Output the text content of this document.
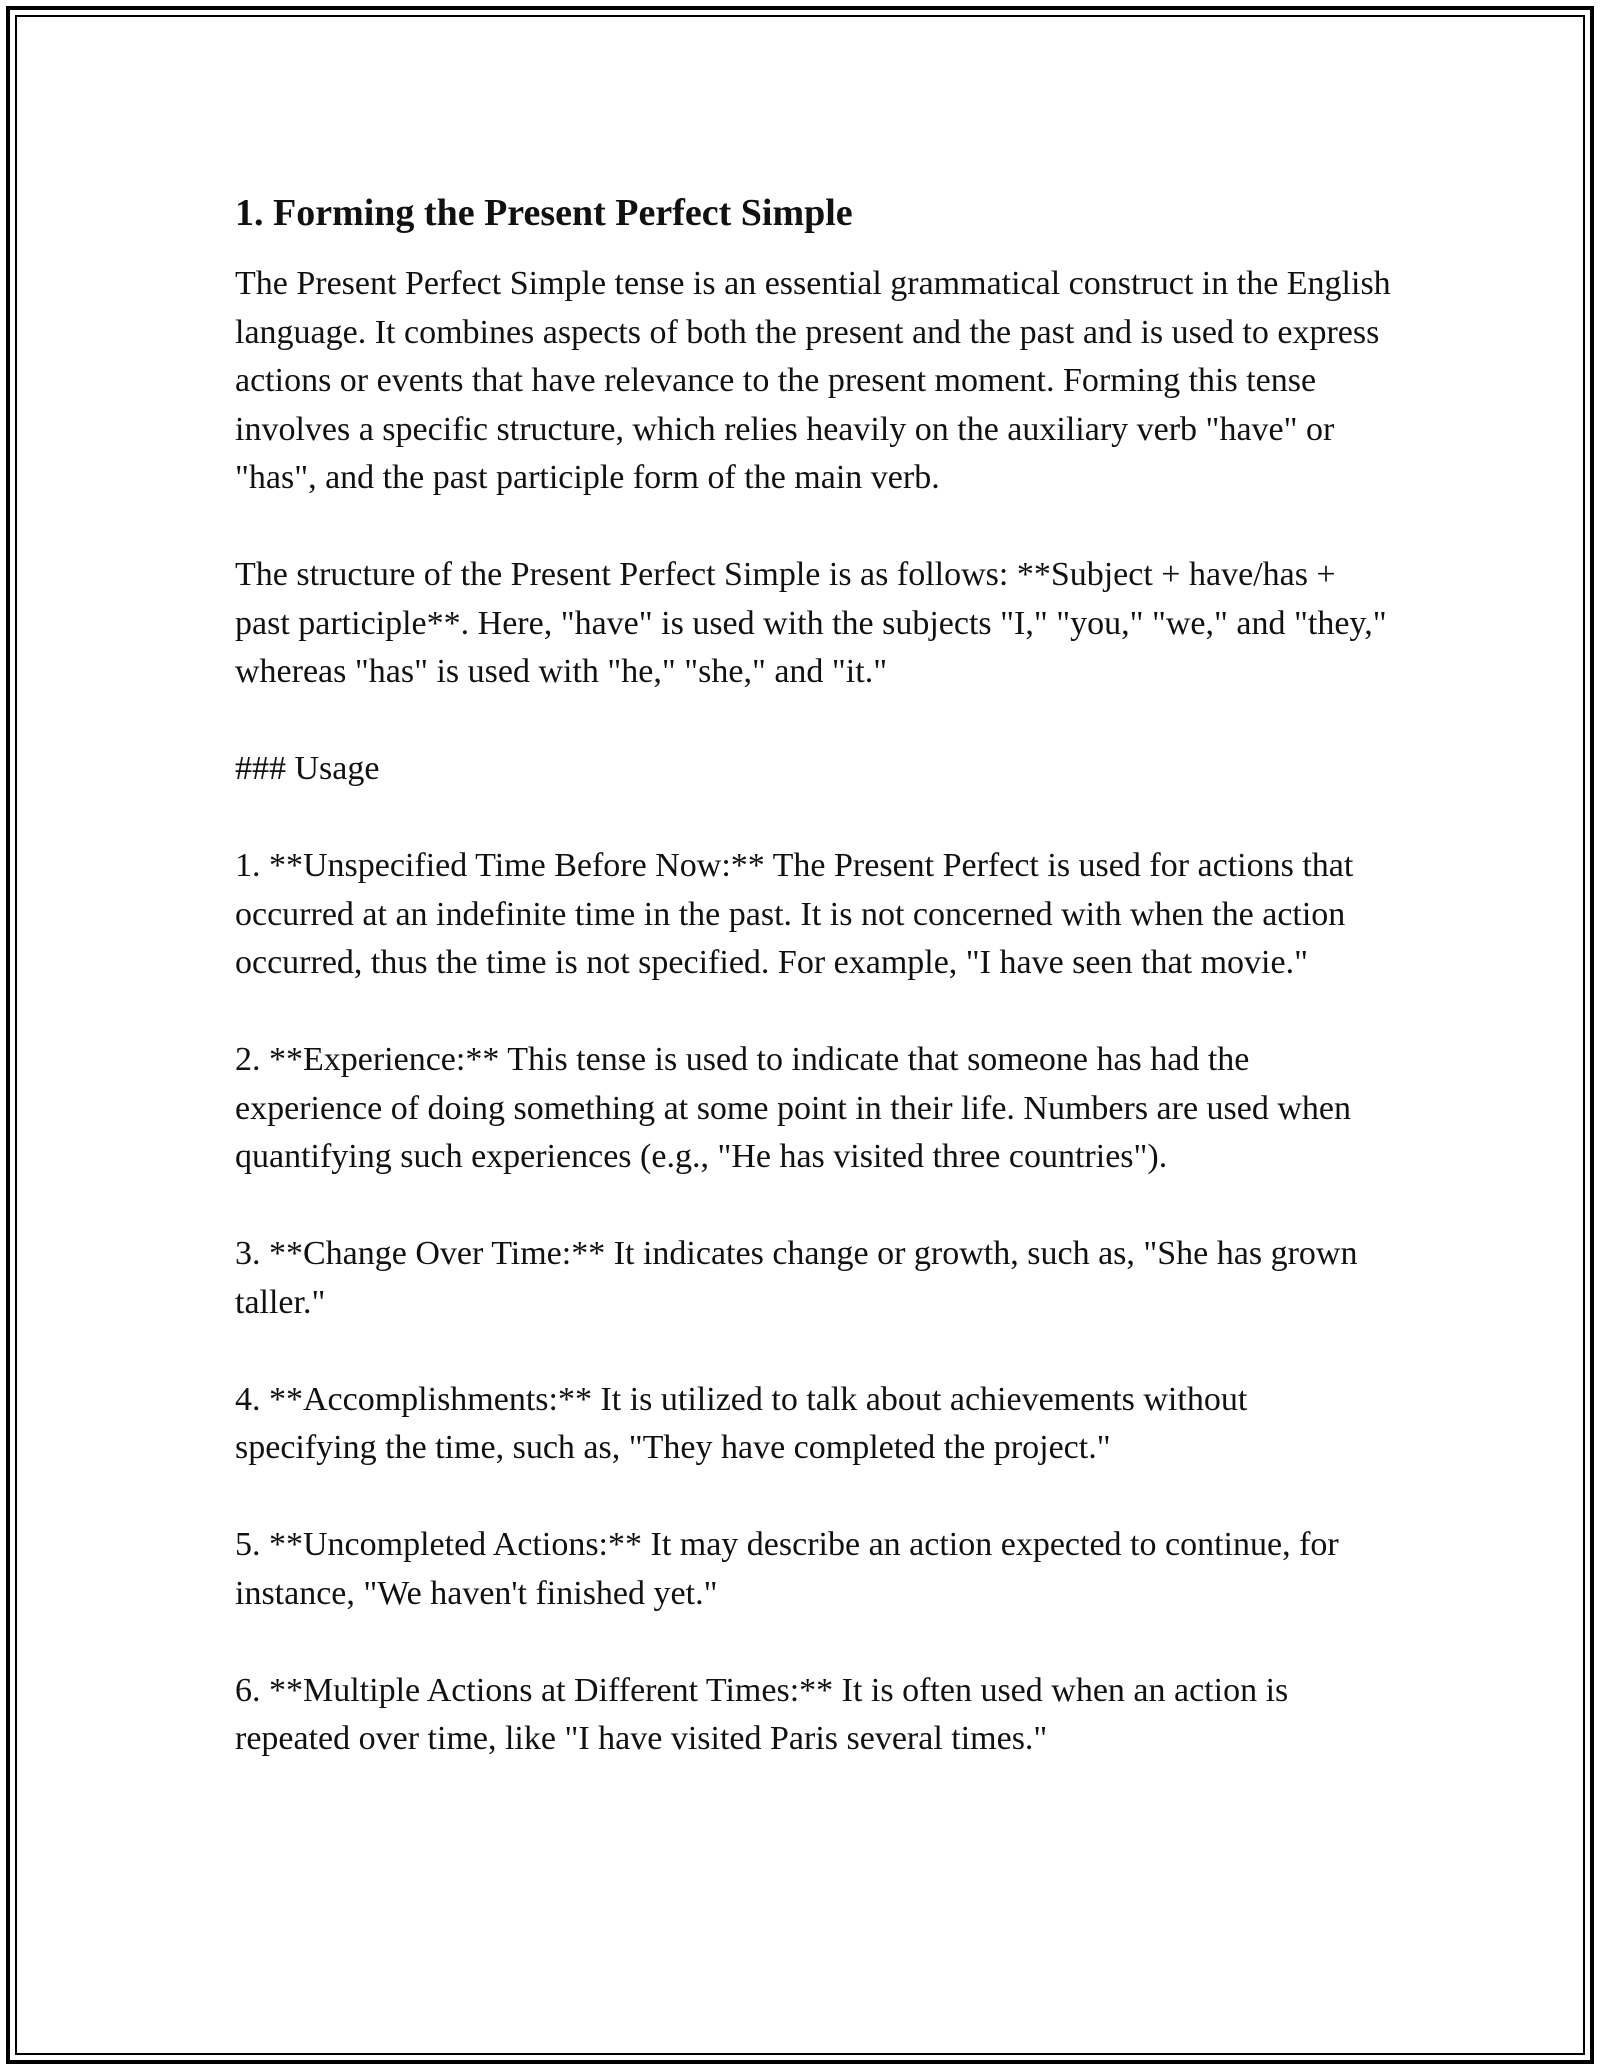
1. Forming the Present Perfect Simple

The Present Perfect Simple tense is an essential grammatical construct in the English language. It combines aspects of both the present and the past and is used to express actions or events that have relevance to the present moment. Forming this tense involves a specific structure, which relies heavily on the auxiliary verb "have" or "has", and the past participle form of the main verb.

The structure of the Present Perfect Simple is as follows: **Subject + have/has + past participle**. Here, "have" is used with the subjects "I," "you," "we," and "they," whereas "has" is used with "he," "she," and "it."

### Usage

1. **Unspecified Time Before Now:** The Present Perfect is used for actions that occurred at an indefinite time in the past. It is not concerned with when the action occurred, thus the time is not specified. For example, "I have seen that movie."

2. **Experience:** This tense is used to indicate that someone has had the experience of doing something at some point in their life. Numbers are used when quantifying such experiences (e.g., "He has visited three countries").

3. **Change Over Time:** It indicates change or growth, such as, "She has grown taller."

4. **Accomplishments:** It is utilized to talk about achievements without specifying the time, such as, "They have completed the project."

5. **Uncompleted Actions:** It may describe an action expected to continue, for instance, "We haven't finished yet."

6. **Multiple Actions at Different Times:** It is often used when an action is repeated over time, like "I have visited Paris several times."
